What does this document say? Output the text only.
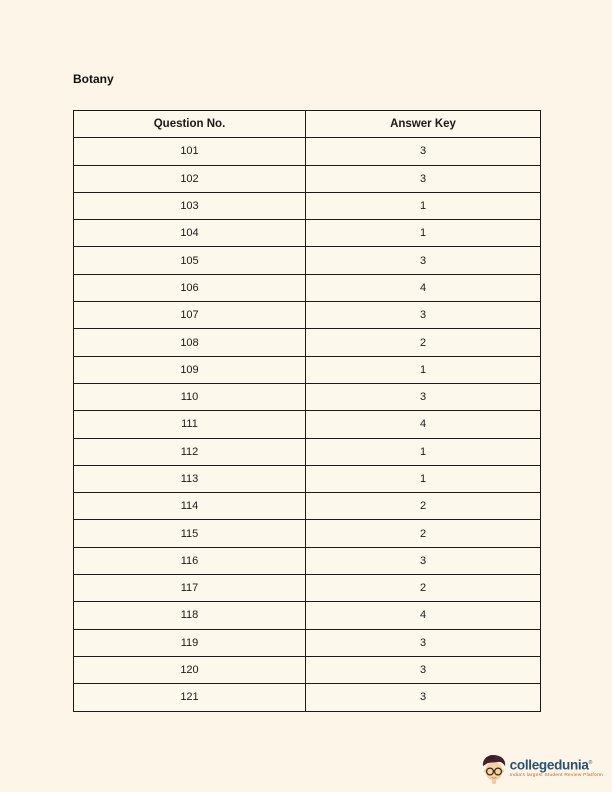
Botany
Question No.	Answer Key
101	3
102	3
103	1
104	1
105	3
106	4
107	3
108	2
109	1
110	3
111	4
112	1
113	1
114	2
115	2
116	3
117	2
118	4
119	3
120	3
121	3
collegedunia®
India's largest Student Review Platform
